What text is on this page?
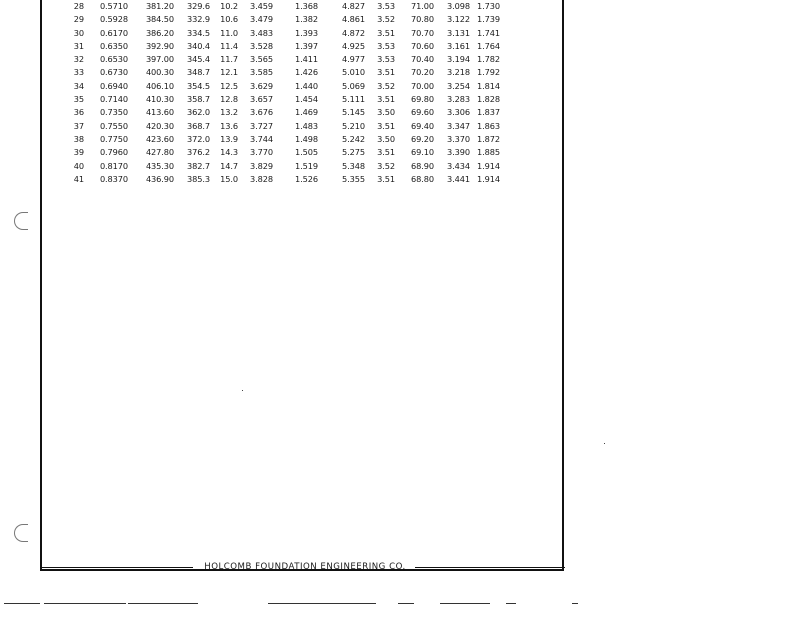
28	0.5710	381.20	329.6	10.2	3.459	1.368	4.827	3.53	71.00	3.098	1.730
29	0.5928	384.50	332.9	10.6	3.479	1.382	4.861	3.52	70.80	3.122	1.739
30	0.6170	386.20	334.5	11.0	3.483	1.393	4.872	3.51	70.70	3.131	1.741
31	0.6350	392.90	340.4	11.4	3.528	1.397	4.925	3.53	70.60	3.161	1.764
32	0.6530	397.00	345.4	11.7	3.565	1.411	4.977	3.53	70.40	3.194	1.782
33	0.6730	400.30	348.7	12.1	3.585	1.426	5.010	3.51	70.20	3.218	1.792
34	0.6940	406.10	354.5	12.5	3.629	1.440	5.069	3.52	70.00	3.254	1.814
35	0.7140	410.30	358.7	12.8	3.657	1.454	5.111	3.51	69.80	3.283	1.828
36	0.7350	413.60	362.0	13.2	3.676	1.469	5.145	3.50	69.60	3.306	1.837
37	0.7550	420.30	368.7	13.6	3.727	1.483	5.210	3.51	69.40	3.347	1.863
38	0.7750	423.60	372.0	13.9	3.744	1.498	5.242	3.50	69.20	3.370	1.872
39	0.7960	427.80	376.2	14.3	3.770	1.505	5.275	3.51	69.10	3.390	1.885
40	0.8170	435.30	382.7	14.7	3.829	1.519	5.348	3.52	68.90	3.434	1.914
41	0.8370	436.90	385.3	15.0	3.828	1.526	5.355	3.51	68.80	3.441	1.914
HOLCOMB FOUNDATION ENGINEERING CO.
